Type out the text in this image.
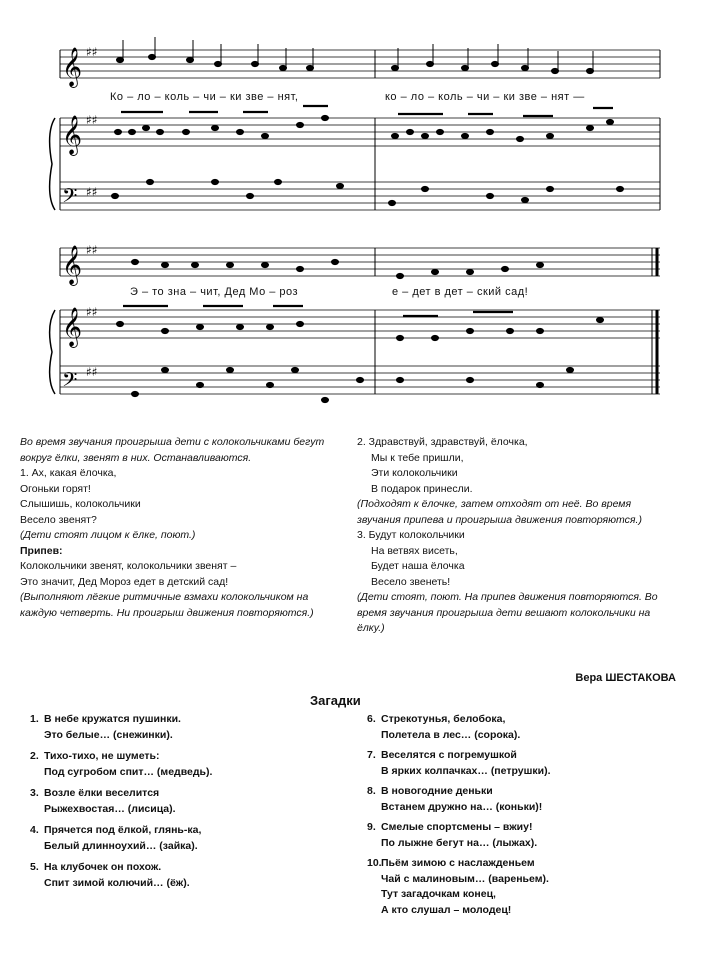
𝄞
𝄞
𝄢
𝄞
𝄞
𝄢
♯♯
♯♯
♯♯
♯♯
♯♯
♯♯
Ко – ло – коль – чи – ки зве – нят,	ко – ло – коль – чи – ки зве – нят —
Э – то зна – чит, Дед Мо – роз	е – дет в дет – ский сад!
Во время звучания проигрыша дети с колокольчиками бегут вокруг ёлки, звенят в них. Останавливаются.
1. Ах, какая ёлочка,
Огоньки горят!
Слышишь, колокольчики
Весело звенят?
(Дети стоят лицом к ёлке, поют.)
Припев:
Колокольчики звенят, колокольчики звенят –
Это значит, Дед Мороз едет в детский сад!
(Выполняют лёгкие ритмичные взмахи колокольчиком на каждую четверть. Ни проигрыш движения повторяются.)
2. Здравствуй, здравствуй, ёлочка,
Мы к тебе пришли,
Эти колокольчики
В подарок принесли.
(Подходят к ёлочке, затем отходят от неё. Во время звучания припева и проигрыша движения повторяются.)
3. Будут колокольчики
На ветвях висеть,
Будет наша ёлочка
Весело звенеть!
(Дети стоят, поют. На припев движения повторяются. Во время звучания проигрыша дети вешают колокольчики на ёлку.)
Вера ШЕСТАКОВА
Загадки
1. В небе кружатся пушинки.
Это белые… (снежинки).
2. Тихо-тихо, не шуметь:
Под сугробом спит… (медведь).
3. Возле ёлки веселится
Рыжехвостая… (лисица).
4. Прячется под ёлкой, глянь-ка,
Белый длинноухий… (зайка).
5. На клубочек он похож.
Спит зимой колючий… (ёж).
6. Стрекотунья, белобока,
Полетела в лес… (сорока).
7. Веселятся с погремушкой
В ярких колпачках… (петрушки).
8. В новогодние деньки
Встанем дружно на… (коньки)!
9. Смелые спортсмены – вжиу!
По лыжне бегут на… (лыжах).
10.Пьём зимою с наслажденьем
Чай с малиновым… (вареньем).
Тут загадочкам конец,
А кто слушал – молодец!
